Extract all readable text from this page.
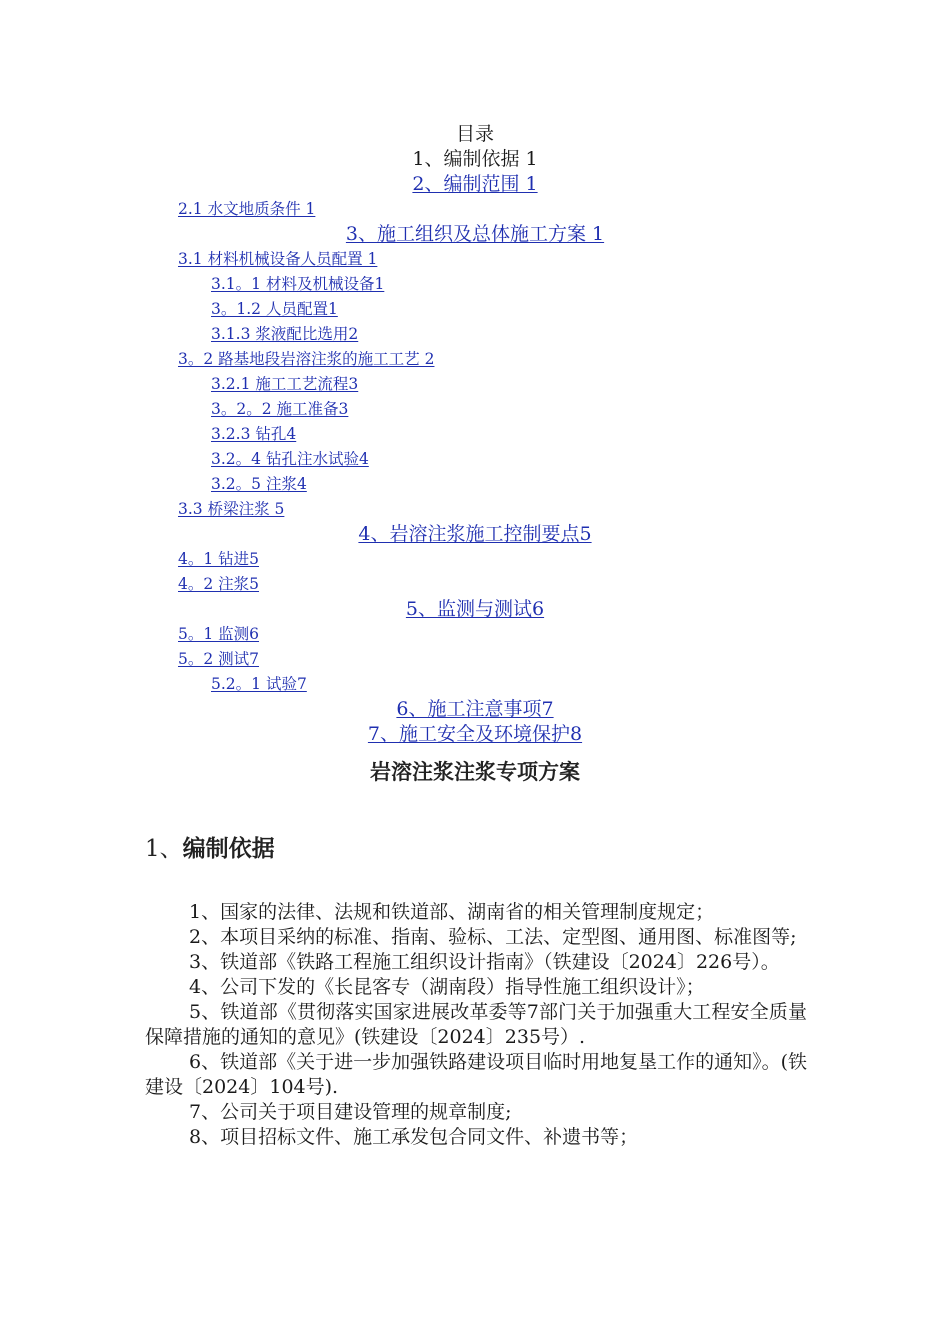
目录
1、编制依据 1
2、编制范围 1
2.1 水文地质条件 1
3、施工组织及总体施工方案 1
3.1 材料机械设备人员配置 1
3.1。1 材料及机械设备1
3。1.2 人员配置1
3.1.3 浆液配比选用2
3。2 路基地段岩溶注浆的施工工艺 2
3.2.1 施工工艺流程3
3。2。2 施工准备3
3.2.3 钻孔4
3.2。4 钻孔注水试验4
3.2。5 注浆4
3.3 桥梁注浆 5
4、岩溶注浆施工控制要点5
4。1 钻进5
4。2 注浆5
5、监测与测试6
5。1 监测6
5。2 测试7
5.2。1 试验7
6、施工注意事项7
7、施工安全及环境保护8
岩溶注浆注浆专项方案
1、编制依据

1、国家的法律、法规和铁道部、湖南省的相关管理制度规定；

2、本项目采纳的标准、指南、验标、工法、定型图、通用图、标准图等;

3、铁道部《铁路工程施工组织设计指南》（铁建设〔2024〕226号）。

4、公司下发的《长昆客专（湖南段）指导性施工组织设计》；

5、铁道部《贯彻落实国家进展改革委等7部门关于加强重大工程安全质量保障措施的通知的意见》(铁建设〔2024〕235号）.

6、铁道部《关于进一步加强铁路建设项目临时用地复垦工作的通知》。(铁建设〔2024〕104号).

7、公司关于项目建设管理的规章制度;

8、项目招标文件、施工承发包合同文件、补遗书等；
